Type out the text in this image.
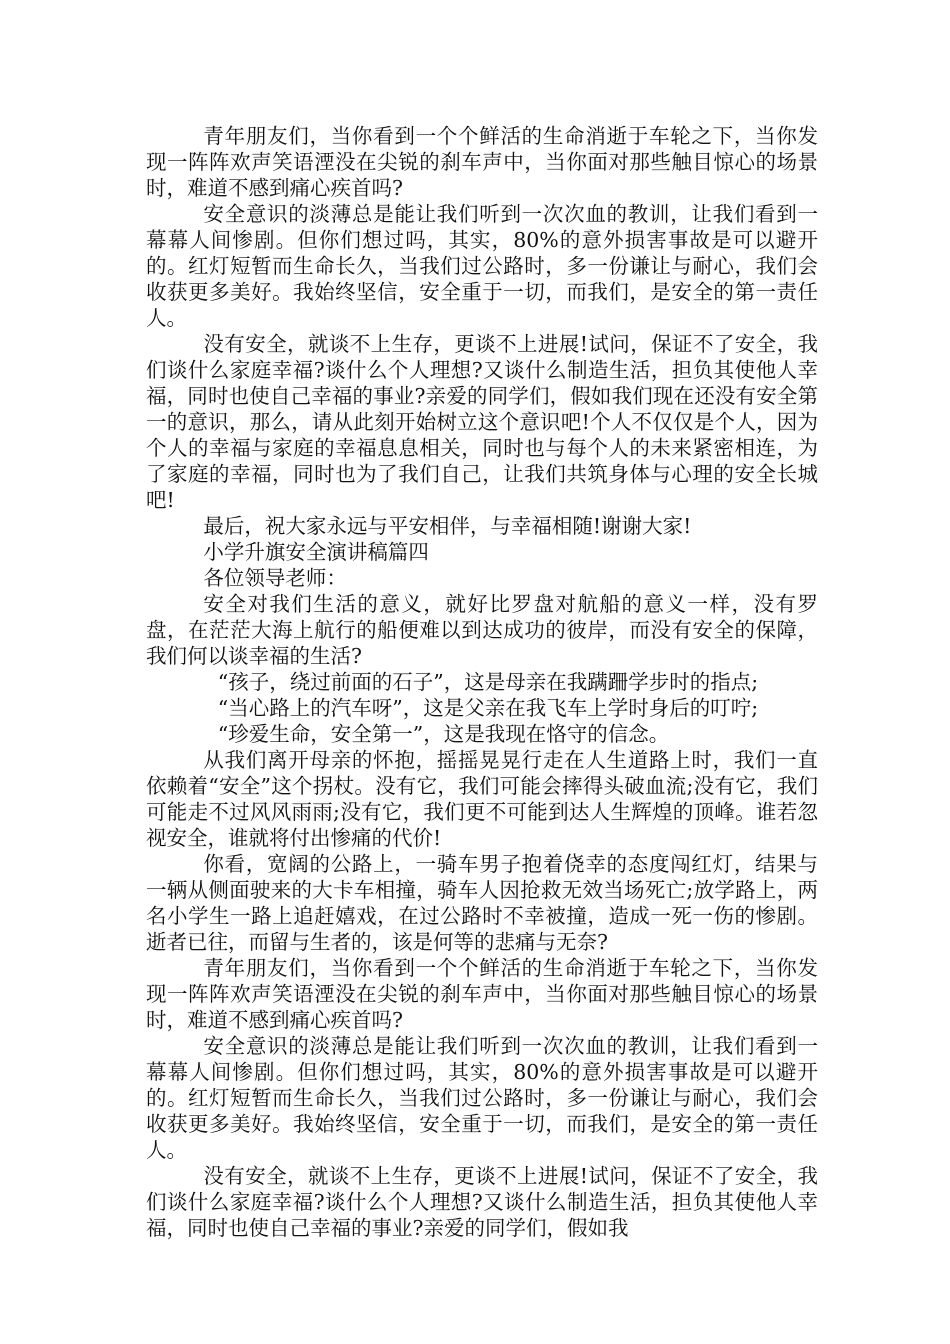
青年朋友们，当你看到一个个鲜活的生命消逝于车轮之下，当你发现一阵阵欢声笑语湮没在尖锐的刹车声中，当你面对那些触目惊心的场景时，难道不感到痛心疾首吗?

安全意识的淡薄总是能让我们听到一次次血的教训，让我们看到一幕幕人间惨剧。但你们想过吗，其实，80%的意外损害事故是可以避开的。红灯短暂而生命长久，当我们过公路时，多一份谦让与耐心，我们会收获更多美好。我始终坚信，安全重于一切，而我们，是安全的第一责任人。

没有安全，就谈不上生存，更谈不上进展!试问，保证不了安全，我们谈什么家庭幸福?谈什么个人理想?又谈什么制造生活，担负其使他人幸福，同时也使自己幸福的事业?亲爱的同学们，假如我们现在还没有安全第一的意识，那么，请从此刻开始树立这个意识吧!个人不仅仅是个人，因为个人的幸福与家庭的幸福息息相关，同时也与每个人的未来紧密相连，为了家庭的幸福，同时也为了我们自己，让我们共筑身体与心理的安全长城吧!

最后，祝大家永远与平安相伴，与幸福相随!谢谢大家!

小学升旗安全演讲稿篇四

各位领导老师：

安全对我们生活的意义，就好比罗盘对航船的意义一样，没有罗盘，在茫茫大海上航行的船便难以到达成功的彼岸，而没有安全的保障，我们何以谈幸福的生活?

“孩子，绕过前面的石子”，这是母亲在我蹒跚学步时的指点;

“当心路上的汽车呀”，这是父亲在我飞车上学时身后的叮咛;

“珍爱生命，安全第一”，这是我现在恪守的信念。

从我们离开母亲的怀抱，摇摇晃晃行走在人生道路上时，我们一直依赖着“安全”这个拐杖。没有它，我们可能会摔得头破血流;没有它，我们可能走不过风风雨雨;没有它，我们更不可能到达人生辉煌的顶峰。谁若忽视安全，谁就将付出惨痛的代价!

你看，宽阔的公路上，一骑车男子抱着侥幸的态度闯红灯，结果与一辆从侧面驶来的大卡车相撞，骑车人因抢救无效当场死亡;放学路上，两名小学生一路上追赶嬉戏，在过公路时不幸被撞，造成一死一伤的惨剧。逝者已往，而留与生者的，该是何等的悲痛与无奈?

青年朋友们，当你看到一个个鲜活的生命消逝于车轮之下，当你发现一阵阵欢声笑语湮没在尖锐的刹车声中，当你面对那些触目惊心的场景时，难道不感到痛心疾首吗?

安全意识的淡薄总是能让我们听到一次次血的教训，让我们看到一幕幕人间惨剧。但你们想过吗，其实，80%的意外损害事故是可以避开的。红灯短暂而生命长久，当我们过公路时，多一份谦让与耐心，我们会收获更多美好。我始终坚信，安全重于一切，而我们，是安全的第一责任人。

没有安全，就谈不上生存，更谈不上进展!试问，保证不了安全，我们谈什么家庭幸福?谈什么个人理想?又谈什么制造生活，担负其使他人幸福，同时也使自己幸福的事业?亲爱的同学们，假如我
